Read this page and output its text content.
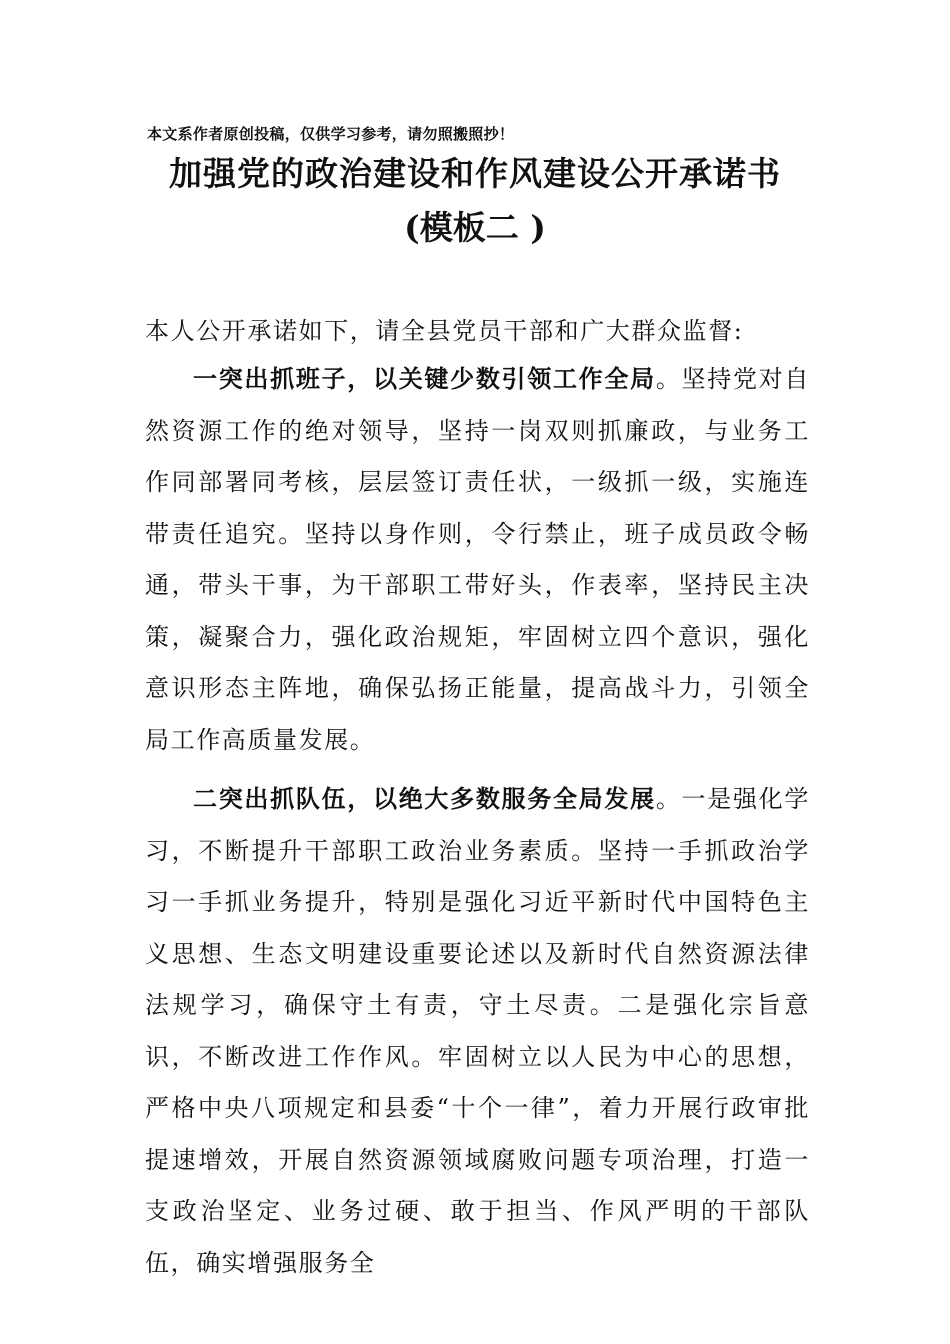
本文系作者原创投稿，仅供学习参考，请勿照搬照抄！
加强党的政治建设和作风建设公开承诺书
(模板二 )
本人公开承诺如下，请全县党员干部和广大群众监督:
一突出抓班子，以关键少数引领工作全局。坚持党对自然资源工作的绝对领导，坚持一岗双则抓廉政，与业务工作同部署同考核，层层签订责任状，一级抓一级，实施连带责任追究。坚持以身作则，令行禁止，班子成员政令畅通，带头干事，为干部职工带好头，作表率，坚持民主决策，凝聚合力，强化政治规矩，牢固树立四个意识，强化意识形态主阵地，确保弘扬正能量，提高战斗力，引领全局工作高质量发展。
二突出抓队伍，以绝大多数服务全局发展。一是强化学习，不断提升干部职工政治业务素质。坚持一手抓政治学习一手抓业务提升，特别是强化习近平新时代中国特色主义思想、生态文明建设重要论述以及新时代自然资源法律法规学习，确保守土有责，守土尽责。二是强化宗旨意识，不断改进工作作风。牢固树立以人民为中心的思想，严格中央八项规定和县委“十个一律”，着力开展行政审批提速增效，开展自然资源领域腐败问题专项治理，打造一支政治坚定、业务过硬、敢于担当、作风严明的干部队伍，确实增强服务全
